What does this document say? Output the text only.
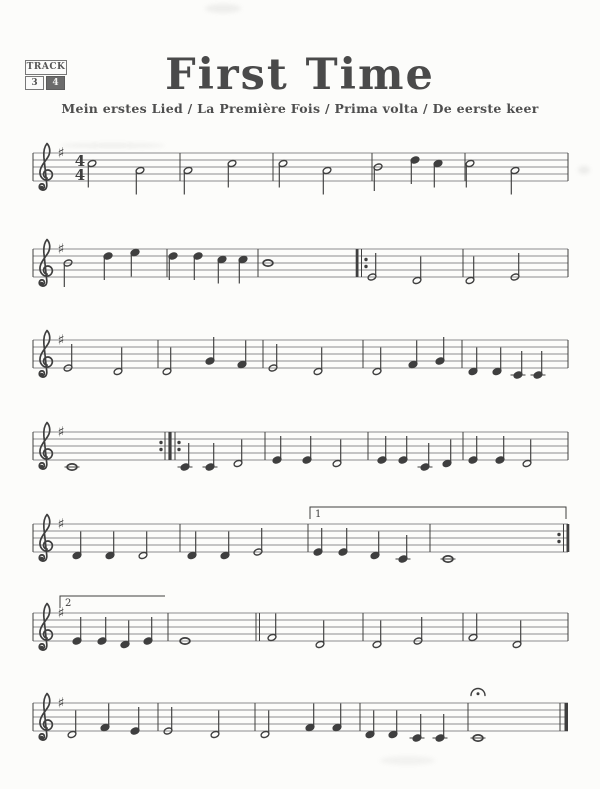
TRACK
3	4	First Time
Mein erstes Lied / La Première Fois / Prima volta / De eerste keer
♯ 4
4
♯
♯
♯
♯
1
♯
2
♯
